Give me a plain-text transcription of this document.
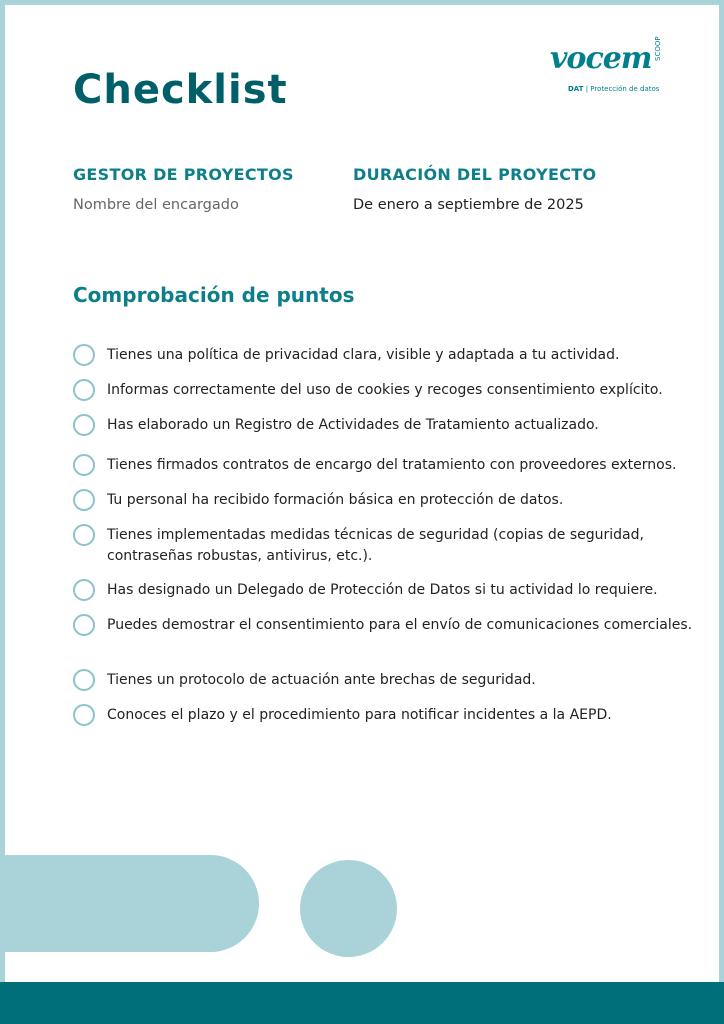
Checklist
vocem SCOOP
DAT | Protección de datos

GESTOR DE PROYECTOS

Nombre del encargado

DURACIÓN DEL PROYECTO

De enero a septiembre de 2025

Comprobación de puntos
Tienes una política de privacidad clara, visible y adaptada a tu actividad.
Informas correctamente del uso de cookies y recoges consentimiento explícito.
Has elaborado un Registro de Actividades de Tratamiento actualizado.
Tienes firmados contratos de encargo del tratamiento con proveedores externos.
Tu personal ha recibido formación básica en protección de datos.
Tienes implementadas medidas técnicas de seguridad (copias de seguridad, contraseñas robustas, antivirus, etc.).
Has designado un Delegado de Protección de Datos si tu actividad lo requiere.
Puedes demostrar el consentimiento para el envío de comunicaciones comerciales.
Tienes un protocolo de actuación ante brechas de seguridad.
Conoces el plazo y el procedimiento para notificar incidentes a la AEPD.
